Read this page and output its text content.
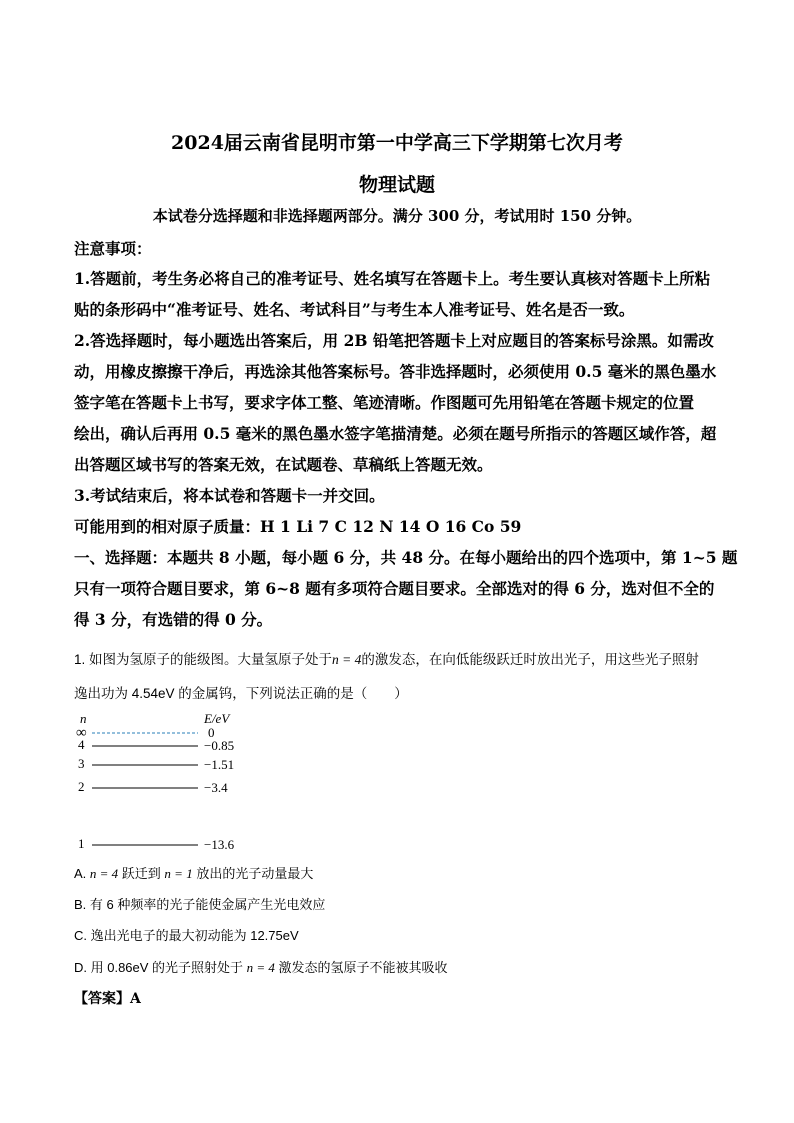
2024届云南省昆明市第一中学高三下学期第七次月考
物理试题
本试卷分选择题和非选择题两部分。满分 300 分，考试用时 150 分钟。
注意事项：
1.答题前，考生务必将自己的准考证号、姓名填写在答题卡上。考生要认真核对答题卡上所粘
贴的条形码中“准考证号、姓名、考试科目”与考生本人准考证号、姓名是否一致。
2.答选择题时，每小题选出答案后，用 2B 铅笔把答题卡上对应题目的答案标号涂黑。如需改
动，用橡皮擦擦干净后，再选涂其他答案标号。答非选择题时，必须使用 0.5 毫米的黑色墨水
签字笔在答题卡上书写，要求字体工整、笔迹清晰。作图题可先用铅笔在答题卡规定的位置
绘出，确认后再用 0.5 毫米的黑色墨水签字笔描清楚。必须在题号所指示的答题区域作答，超
出答题区域书写的答案无效，在试题卷、草稿纸上答题无效。
3.考试结束后，将本试卷和答题卡一并交回。
可能用到的相对原子质量：H 1 Li 7 C 12 N 14 O 16 Co 59
一、选择题：本题共 8 小题，每小题 6 分，共 48 分。在每小题给出的四个选项中，第 1~5 题
只有一项符合题目要求，第 6~8 题有多项符合题目要求。全部选对的得 6 分，选对但不全的
得 3 分，有选错的得 0 分。
1. 如图为氢原子的能级图。大量氢原子处于n = 4的激发态，在向低能级跃迁时放出光子，用这些光子照射
逸出功为 4.54eV 的金属钨，下列说法正确的是（　　）
n	E/eV
∞	0
4	−0.85
3	−1.51
2	−3.4
1	−13.6
A. n = 4 跃迁到 n = 1 放出的光子动量最大
B. 有 6 种频率的光子能使金属产生光电效应
C. 逸出光电子的最大初动能为 12.75eV
D. 用 0.86eV 的光子照射处于 n = 4 激发态的氢原子不能被其吸收
【答案】A
